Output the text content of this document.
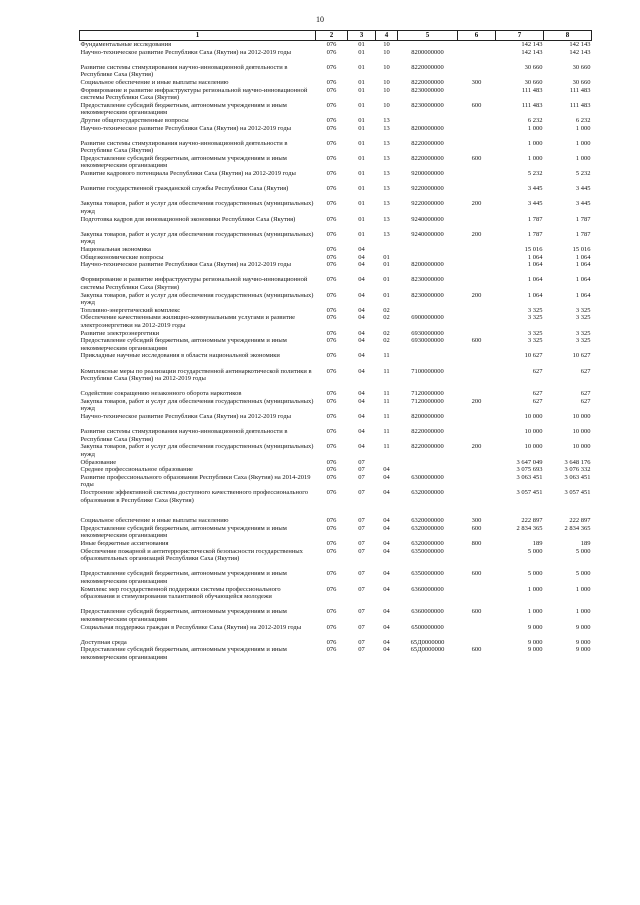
10
1	2	3	4	5	6	7	8
Фундаментальные исследования	076	01	10			142 143	142 143
Научно-техническое развитие Республики Саха (Якутия) на 2012-2019 годы	076	01	10	8200000000		142 143	142 143
Развитие системы стимулирования научно-инновационной деятельности в Республике Саха (Якутия)	076	01	10	8220000000		30 660	30 660
Социальное обеспечение и иные выплаты населению	076	01	10	8220000000	300	30 660	30 660
Формирование и развитие инфраструктуры региональной научно-инновационной системы Республики Саха (Якутия)	076	01	10	8230000000		111 483	111 483
Предоставление субсидий бюджетным, автономным учреждениям и иным некоммерческим организациям	076	01	10	8230000000	600	111 483	111 483
Другие общегосударственные вопросы	076	01	13			6 232	6 232
Научно-техническое развитие Республики Саха (Якутия) на 2012-2019 годы	076	01	13	8200000000		1 000	1 000
Развитие системы стимулирования научно-инновационной деятельности в Республике Саха (Якутия)	076	01	13	8220000000		1 000	1 000
Предоставление субсидий бюджетным, автономным учреждениям и иным некоммерческим организациям	076	01	13	8220000000	600	1 000	1 000
Развитие кадрового потенциала Республики Саха (Якутия) на 2012-2019 годы	076	01	13	9200000000		5 232	5 232
Развитие государственной гражданской службы Республики Саха (Якутия)	076	01	13	9220000000		3 445	3 445
Закупка товаров, работ и услуг для обеспечения государственных (муниципальных) нужд	076	01	13	9220000000	200	3 445	3 445
Подготовка кадров для инновационной экономики Республики Саха (Якутия)	076	01	13	9240000000		1 787	1 787
Закупка товаров, работ и услуг для обеспечения государственных (муниципальных) нужд	076	01	13	9240000000	200	1 787	1 787
Национальная экономика	076	04				15 016	15 016
Общеэкономические вопросы	076	04	01			1 064	1 064
Научно-техническое развитие Республики Саха (Якутия) на 2012-2019 годы	076	04	01	8200000000		1 064	1 064
Формирование и развитие инфраструктуры региональной научно-инновационной системы Республики Саха (Якутия)	076	04	01	8230000000		1 064	1 064
Закупка товаров, работ и услуг для обеспечения государственных (муниципальных) нужд	076	04	01	8230000000	200	1 064	1 064
Топливно-энергетический комплекс	076	04	02			3 325	3 325
Обеспечение качественными жилищно-коммунальными услугами и развитие электроэнергетики на 2012-2019 годы	076	04	02	6900000000		3 325	3 325
Развитие электроэнергетики	076	04	02	6930000000		3 325	3 325
Предоставление субсидий бюджетным, автономным учреждениям и иным некоммерческим организациям	076	04	02	6930000000	600	3 325	3 325
Прикладные научные исследования в области национальной экономики	076	04	11			10 627	10 627
Комплексные меры по реализации государственной антинаркотической политики в Республике Саха (Якутия) на 2012-2019 годы	076	04	11	7100000000		627	627
Содействие сокращению незаконного оборота наркотиков	076	04	11	7120000000		627	627
Закупка товаров, работ и услуг для обеспечения государственных (муниципальных) нужд	076	04	11	7120000000	200	627	627
Научно-техническое развитие Республики Саха (Якутия) на 2012-2019 годы	076	04	11	8200000000		10 000	10 000
Развитие системы стимулирования научно-инновационной деятельности в Республике Саха (Якутия)	076	04	11	8220000000		10 000	10 000
Закупка товаров, работ и услуг для обеспечения государственных (муниципальных) нужд	076	04	11	8220000000	200	10 000	10 000
Образование	076	07				3 647 049	3 648 176
Среднее профессиональное образование	076	07	04			3 075 693	3 076 332
Развитие профессионального образования Республики Саха (Якутия) на 2014-2019 годы	076	07	04	6300000000		3 063 451	3 063 451
Построение эффективной системы доступного качественного профессионального образования в Республике Саха (Якутия)	076	07	04	6320000000		3 057 451	3 057 451

Социальное обеспечение и иные выплаты населению	076	07	04	6320000000	300	222 897	222 897
Предоставление субсидий бюджетным, автономным учреждениям и иным некоммерческим организациям	076	07	04	6320000000	600	2 834 365	2 834 365
Иные бюджетные ассигнования	076	07	04	6320000000	800	189	189
Обеспечение пожарной и антитеррористической безопасности государственных образовательных организаций Республики Саха (Якутия)	076	07	04	6350000000		5 000	5 000
Предоставление субсидий бюджетным, автономным учреждениям и иным некоммерческим организациям	076	07	04	6350000000	600	5 000	5 000
Комплекс мер государственной поддержки системы профессионального образования и стимулирования талантливой обучающейся молодежи	076	07	04	6360000000		1 000	1 000
Предоставление субсидий бюджетным, автономным учреждениям и иным некоммерческим организациям	076	07	04	6360000000	600	1 000	1 000
Социальная поддержка граждан в Республике Саха (Якутия) на 2012-2019 годы	076	07	04	6500000000		9 000	9 000
Доступная среда	076	07	04	65Д0000000		9 000	9 000
Предоставление субсидий бюджетным, автономным учреждениям и иным некоммерческим организациям	076	07	04	65Д0000000	600	9 000	9 000
